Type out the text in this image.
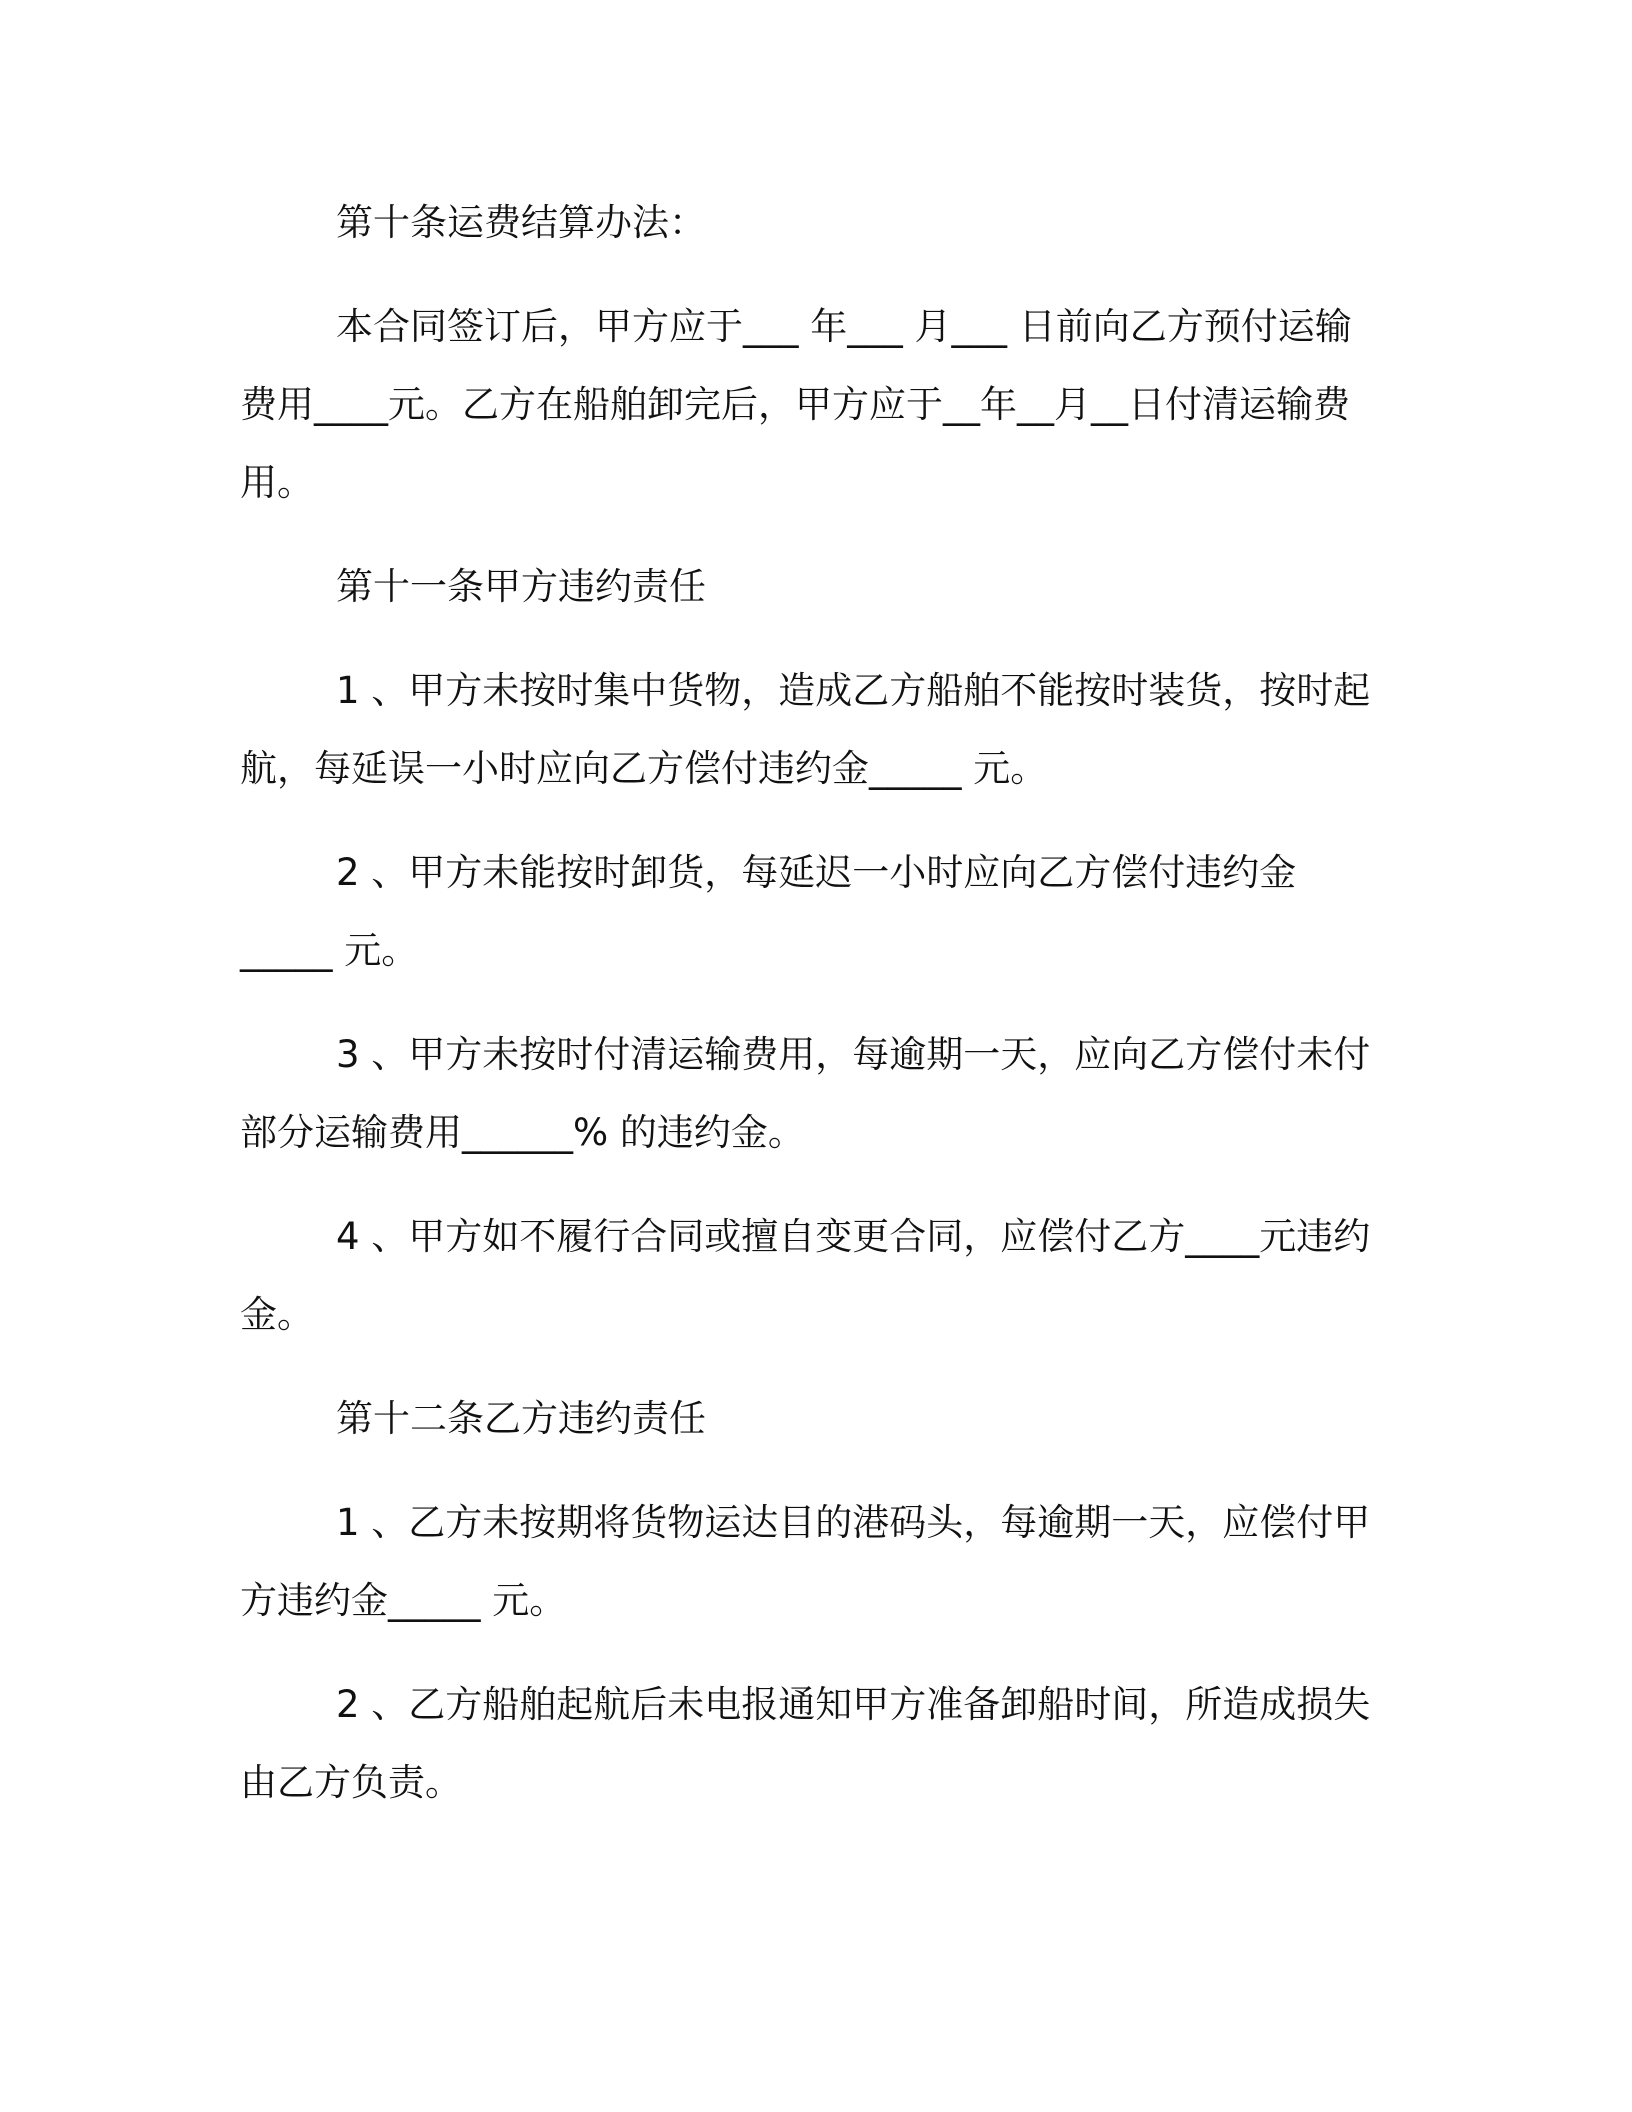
第十条运费结算办法：

本合同签订后，甲方应于___ 年___ 月___ 日前向乙方预付运输
费用____元。乙方在船舶卸完后，甲方应于__年__月__日付清运输费
用。

第十一条甲方违约责任

1 、甲方未按时集中货物，造成乙方船舶不能按时装货，按时起
航，每延误一小时应向乙方偿付违约金_____ 元。

2 、甲方未能按时卸货，每延迟一小时应向乙方偿付违约金
_____ 元。

3 、甲方未按时付清运输费用，每逾期一天，应向乙方偿付未付
部分运输费用______% 的违约金。

4 、甲方如不履行合同或擅自变更合同，应偿付乙方____元违约
金。

第十二条乙方违约责任

1 、乙方未按期将货物运达目的港码头，每逾期一天，应偿付甲
方违约金_____ 元。

2 、乙方船舶起航后未电报通知甲方准备卸船时间，所造成损失
由乙方负责。
